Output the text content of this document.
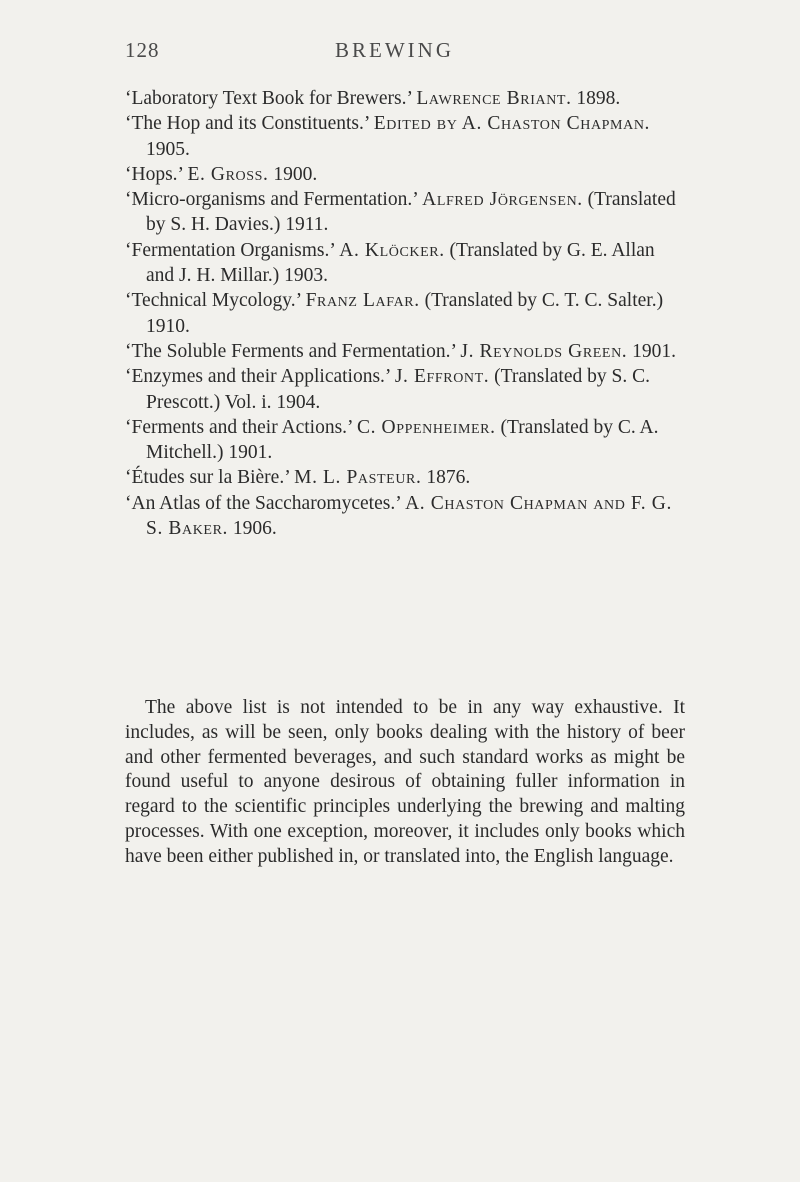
128	BREWING
‘Laboratory Text Book for Brewers.’ Lawrence Briant. 1898.
‘The Hop and its Constituents.’ Edited by A. Chaston Chapman. 1905.
‘Hops.’ E. Gross. 1900.
‘Micro-organisms and Fermentation.’ Alfred Jörgensen. (Translated by S. H. Davies.) 1911.
‘Fermentation Organisms.’ A. Klöcker. (Translated by G. E. Allan and J. H. Millar.) 1903.
‘Technical Mycology.’ Franz Lafar. (Translated by C. T. C. Salter.) 1910.
‘The Soluble Ferments and Fermentation.’ J. Reynolds Green. 1901.
‘Enzymes and their Applications.’ J. Effront. (Translated by S. C. Prescott.) Vol. i. 1904.
‘Ferments and their Actions.’ C. Oppenheimer. (Translated by C. A. Mitchell.) 1901.
‘Études sur la Bière.’ M. L. Pasteur. 1876.
‘An Atlas of the Saccharomycetes.’ A. Chaston Chapman and F. G. S. Baker. 1906.

The above list is not intended to be in any way exhaustive. It includes, as will be seen, only books dealing with the history of beer and other fermented beverages, and such standard works as might be found useful to anyone desirous of obtaining fuller information in regard to the scientific principles underlying the brewing and malting processes. With one exception, moreover, it includes only books which have been either published in, or translated into, the English language.
